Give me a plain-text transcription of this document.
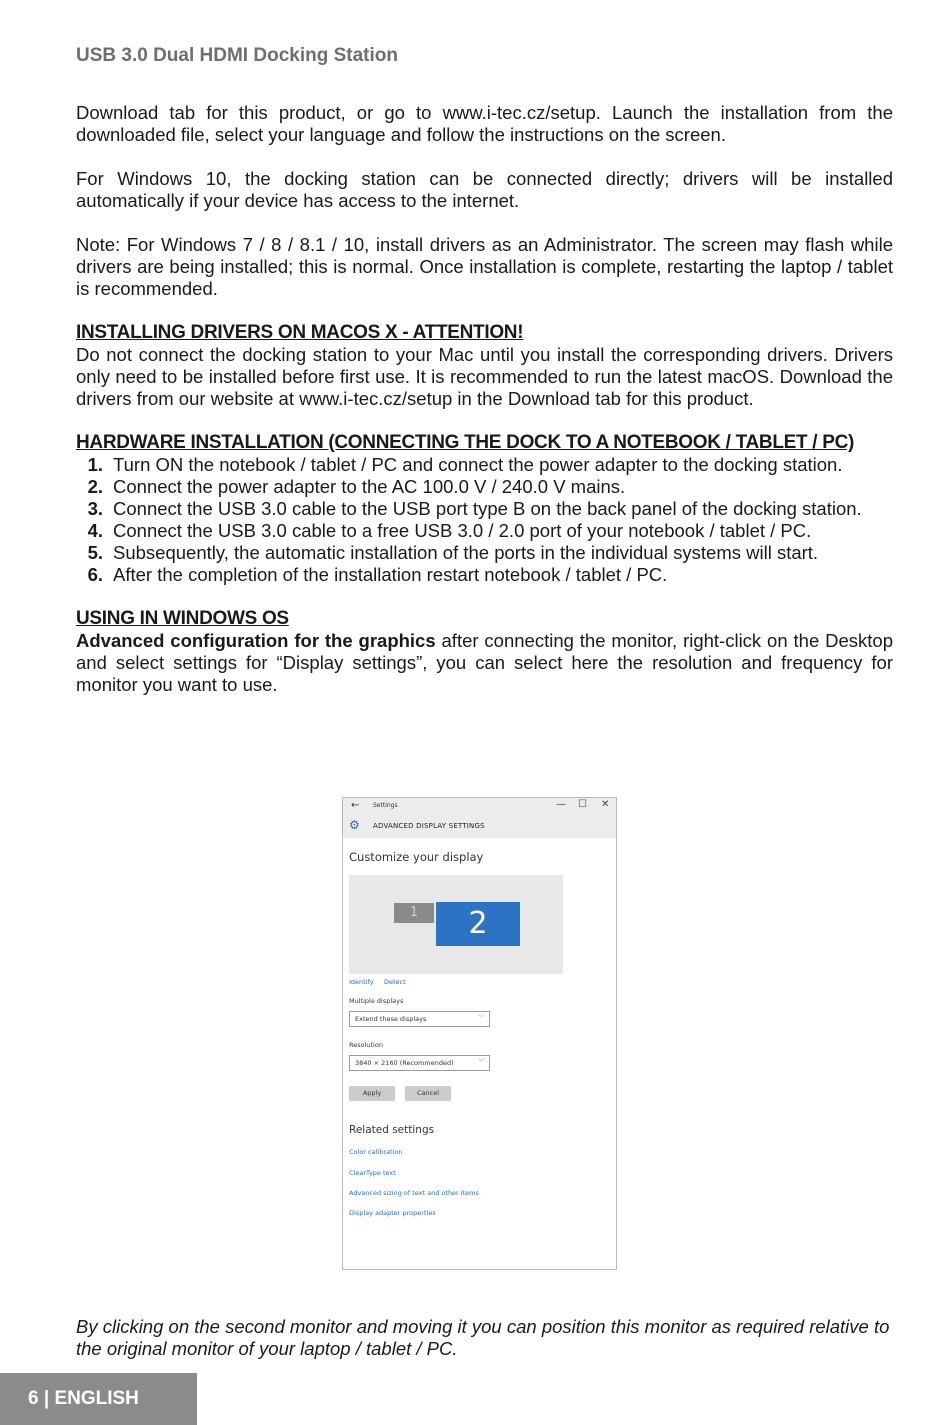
USB 3.0 Dual HDMI Docking Station

Download tab for this product, or go to www.i-tec.cz/setup. Launch the installation from the downloaded file, select your language and follow the instructions on the screen.

For Windows 10, the docking station can be connected directly; drivers will be installed automatically if your device has access to the internet.

Note: For Windows 7 / 8 / 8.1 / 10, install drivers as an Administrator. The screen may flash while drivers are being installed; this is normal. Once installation is complete, restarting the laptop / tablet is recommended.

INSTALLING DRIVERS ON MACOS X - ATTENTION!

Do not connect the docking station to your Mac until you install the corresponding drivers. Drivers only need to be installed before first use. It is recommended to run the latest macOS. Download the drivers from our website at www.i-tec.cz/setup in the Download tab for this product.

HARDWARE INSTALLATION (CONNECTING THE DOCK TO A NOTEBOOK / TABLET / PC)

1. Turn ON the notebook / tablet / PC and connect the power adapter to the docking station.
2. Connect the power adapter to the AC 100.0 V / 240.0 V mains.
3. Connect the USB 3.0 cable to the USB port type B on the back panel of the docking station.
4. Connect the USB 3.0 cable to a free USB 3.0 / 2.0 port of your notebook / tablet / PC.
5. Subsequently, the automatic installation of the ports in the individual systems will start.
6. After the completion of the installation restart notebook / tablet / PC.

USING IN WINDOWS OS

Advanced configuration for the graphics after connecting the monitor, right-click on the Desktop and select settings for “Display settings”, you can select here the resolution and frequency for monitor you want to use.

← Settings	— ☐ ✕
⚙ ADVANCED DISPLAY SETTINGS
Customize your display
1	2
Identify Detect
Multiple displays
Extend these displays	﹀
Resolution
3840 × 2160 (Recommended)	﹀
Apply	Cancel
Related settings
Color calibration
ClearType text
Advanced sizing of text and other items
Display adapter properties

By clicking on the second monitor and moving it you can position this monitor as required relative to the original monitor of your laptop / tablet / PC.

6 | ENGLISH
